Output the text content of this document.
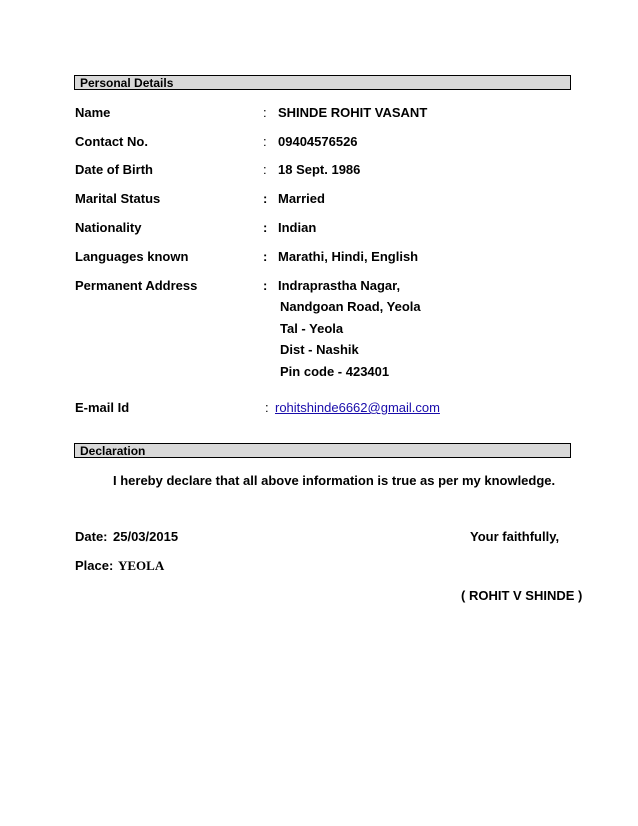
Personal Details
Name	: SHINDE ROHIT VASANT
Contact No.	: 09404576526
Date of Birth	: 18 Sept. 1986
Marital Status	: Married
Nationality	: Indian
Languages known	: Marathi, Hindi, English
Permanent Address	: Indraprastha Nagar,
Nandgoan Road, Yeola
Tal - Yeola
Dist - Nashik
Pin code - 423401
E-mail Id	: rohitshinde6662@gmail.com
Declaration
I hereby declare that all above information is true as per my knowledge.
Date: 25/03/2015	Your faithfully,
Place: YEOLA
( ROHIT V SHINDE )
